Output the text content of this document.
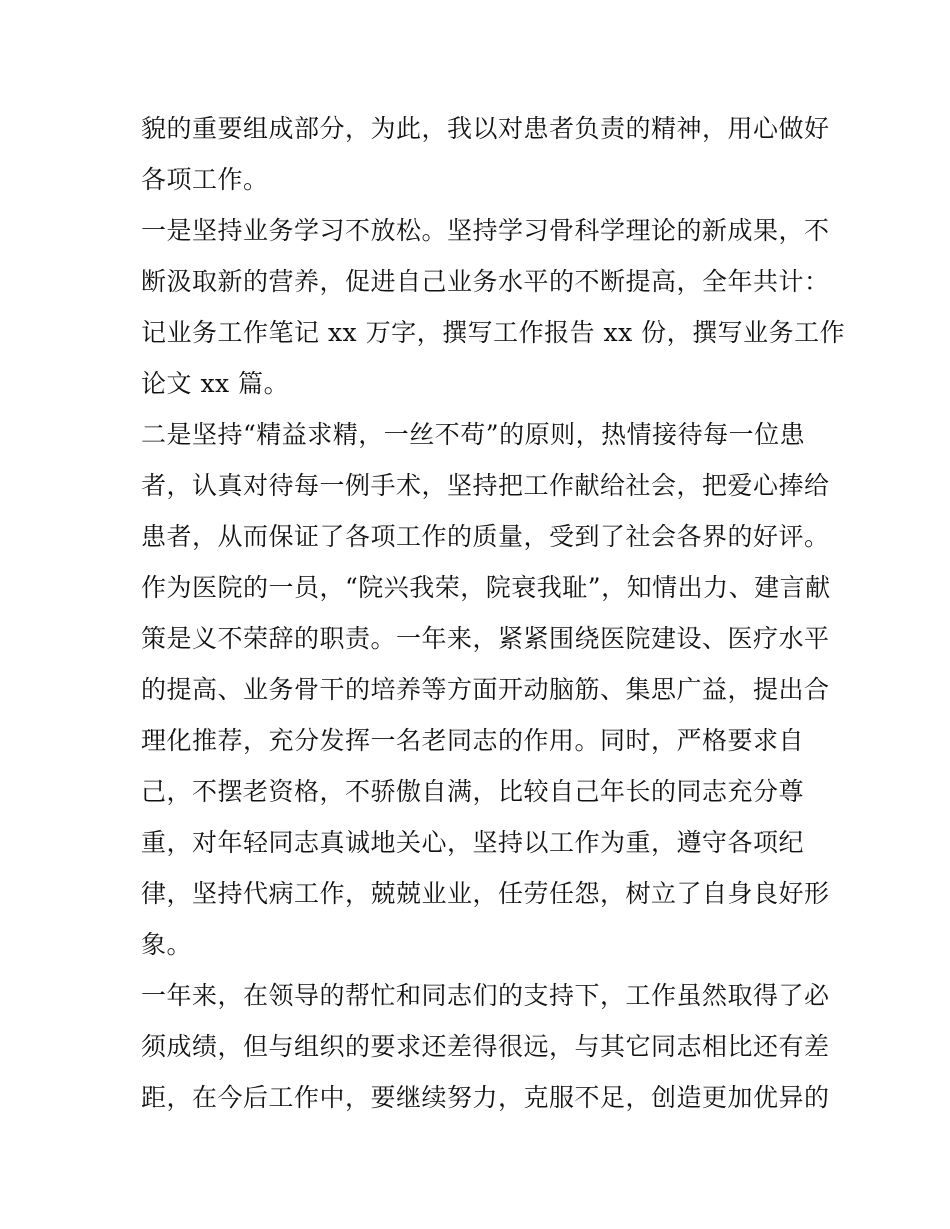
貌的重要组成部分，为此，我以对患者负责的精神，用心做好
各项工作。
一是坚持业务学习不放松。坚持学习骨科学理论的新成果，不
断汲取新的营养，促进自己业务水平的不断提高，全年共计：
记业务工作笔记 xx 万字，撰写工作报告 xx 份，撰写业务工作
论文 xx 篇。
二是坚持“精益求精，一丝不苟”的原则，热情接待每一位患
者，认真对待每一例手术，坚持把工作献给社会，把爱心捧给
患者，从而保证了各项工作的质量，受到了社会各界的好评。
作为医院的一员，“院兴我荣，院衰我耻”，知情出力、建言献
策是义不荣辞的职责。一年来，紧紧围绕医院建设、医疗水平
的提高、业务骨干的培养等方面开动脑筋、集思广益，提出合
理化推荐，充分发挥一名老同志的作用。同时，严格要求自
己，不摆老资格，不骄傲自满，比较自己年长的同志充分尊
重，对年轻同志真诚地关心，坚持以工作为重，遵守各项纪
律，坚持代病工作，兢兢业业，任劳任怨，树立了自身良好形
象。
一年来，在领导的帮忙和同志们的支持下，工作虽然取得了必
须成绩，但与组织的要求还差得很远，与其它同志相比还有差
距，在今后工作中，要继续努力，克服不足，创造更加优异的
